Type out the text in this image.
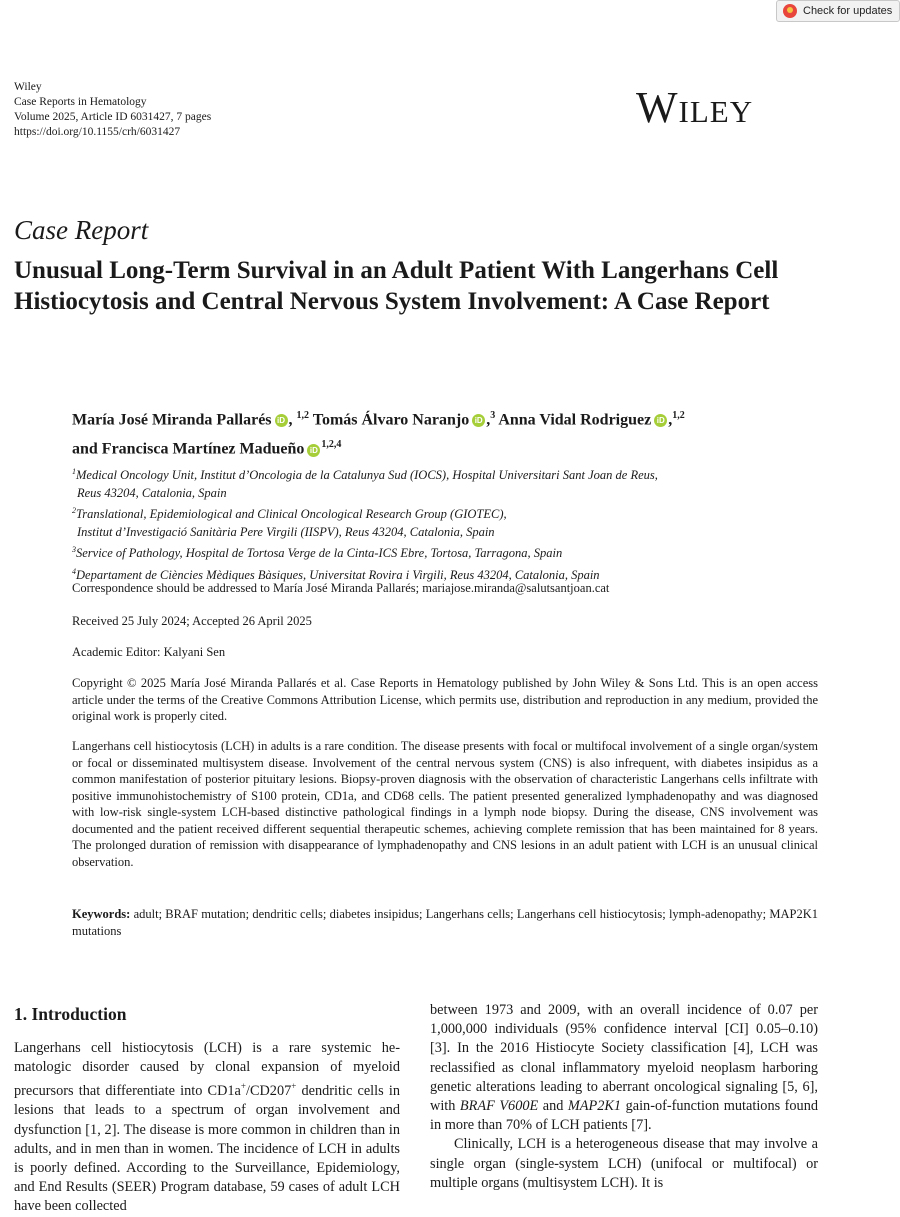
Check for updates
Wiley
Case Reports in Hematology
Volume 2025, Article ID 6031427, 7 pages
https://doi.org/10.1155/crh/6031427	Wiley
Case Report
Unusual Long-Term Survival in an Adult Patient With Langerhans Cell Histiocytosis and Central Nervous System Involvement: A Case Report
María José Miranda Pallarés iD , $^{1,2}$ Tomás Álvaro Naranjo iD ,$^3$ Anna Vidal Rodriguez iD ,$^{1,2}$
and Francisca Martínez Madueño iD $^{1,2,4}$
$^1$Medical Oncology Unit, Institut d’Oncologia de la Catalunya Sud (IOCS), Hospital Universitari Sant Joan de Reus,
Reus 43204, Catalonia, Spain
$^2$Translational, Epidemiological and Clinical Oncological Research Group (GIOTEC),
Institut d’Investigació Sanitària Pere Virgili (IISPV), Reus 43204, Catalonia, Spain
$^3$Service of Pathology, Hospital de Tortosa Verge de la Cinta-ICS Ebre, Tortosa, Tarragona, Spain
$^4$Departament de Ciències Mèdiques Bàsiques, Universitat Rovira i Virgili, Reus 43204, Catalonia, Spain
Correspondence should be addressed to María José Miranda Pallarés; mariajose.miranda@salutsantjoan.cat
Received 25 July 2024; Accepted 26 April 2025
Academic Editor: Kalyani Sen
Copyright © 2025 María José Miranda Pallarés et al. Case Reports in Hematology published by John Wiley & Sons Ltd. This is an open access article under the terms of the Creative Commons Attribution License, which permits use, distribution and reproduction in any medium, provided the original work is properly cited.
Langerhans cell histiocytosis (LCH) in adults is a rare condition. The disease presents with focal or multifocal involvement of a single organ/system or focal or disseminated multisystem disease. Involvement of the central nervous system (CNS) is also infrequent, with diabetes insipidus as a common manifestation of posterior pituitary lesions. Biopsy-proven diagnosis with the observation of characteristic Langerhans cells infiltrate with positive immunohistochemistry of S100 protein, CD1a, and CD68 cells. The patient presented generalized lymphadenopathy and was diagnosed with low-risk single-system LCH-based distinctive pathological findings in a lymph node biopsy. During the disease, CNS involvement was documented and the patient received different sequential therapeutic schemes, achieving complete remission that has been maintained for 8 years. The prolonged duration of remission with disappearance of lymphadenopathy and CNS lesions in an adult patient with LCH is an unusual clinical observation.
Keywords: adult; BRAF mutation; dendritic cells; diabetes insipidus; Langerhans cells; Langerhans cell histiocytosis; lymph-adenopathy; MAP2K1 mutations
1. Introduction

Langerhans cell histiocytosis (LCH) is a rare systemic he-matologic disorder caused by clonal expansion of myeloid precursors that differentiate into CD1a+/CD207+ dendritic cells in lesions that leads to a spectrum of organ involvement and dysfunction [1, 2]. The disease is more common in children than in adults, and in men than in women. The incidence of LCH in adults is poorly defined. According to the Surveillance, Epidemiology, and End Results (SEER) Program database, 59 cases of adult LCH have been collected

between 1973 and 2009, with an overall incidence of 0.07 per 1,000,000 individuals (95% confidence interval [CI] 0.05–0.10) [3]. In the 2016 Histiocyte Society classification [4], LCH was reclassified as clonal inflammatory myeloid neoplasm harboring genetic alterations leading to aberrant oncological signaling [5, 6], with BRAF V600E and MAP2K1 gain-of-function mutations found in more than 70% of LCH patients [7].

Clinically, LCH is a heterogeneous disease that may involve a single organ (single-system LCH) (unifocal or multifocal) or multiple organs (multisystem LCH). It is
